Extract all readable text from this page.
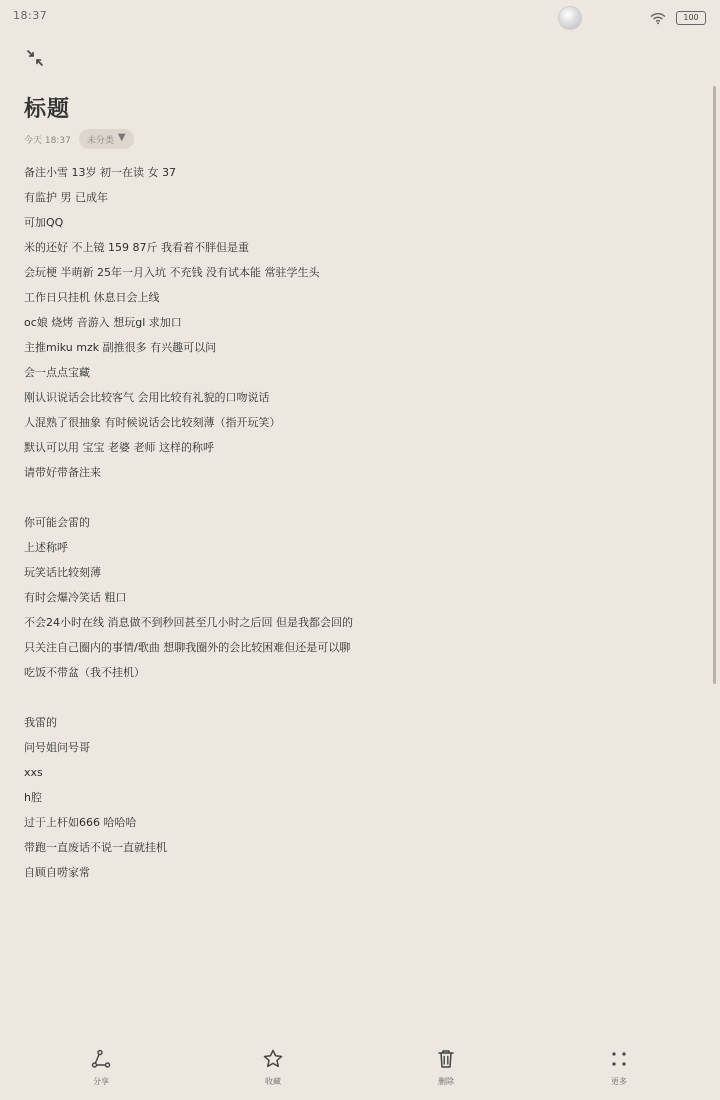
18:37	100
标题
今天 18:37 未分类 ▼
备注小雪 13岁 初一在读 女 37
有监护 男 已成年
可加QQ
米的还好 不上镜 159 87斤 我看着不胖但是重
会玩梗 半萌新 25年一月入坑 不充钱 没有试本能 常驻学生头
工作日只挂机 休息日会上线
oc娘 烧烤 音游入 想玩gl 求加口
主推miku mzk 副推很多 有兴趣可以问
会一点点宝藏
刚认识说话会比较客气 会用比较有礼貌的口吻说话
人混熟了很抽象 有时候说话会比较刻薄（指开玩笑）
默认可以用 宝宝 老婆 老师 这样的称呼
请带好带备注来
你可能会雷的
上述称呼
玩笑话比较刻薄
有时会爆冷笑话 粗口
不会24小时在线 消息做不到秒回甚至几小时之后回 但是我都会回的
只关注自己圈内的事情/歌曲 想聊我圈外的会比较困难但还是可以聊
吃饭不带盆（我不挂机）
我雷的
问号姐问号哥
xxs
h腔
过于上杆如666 哈哈哈
带跑一直废话不说一直就挂机
自顾自唠家常
分享	收藏	删除	更多
